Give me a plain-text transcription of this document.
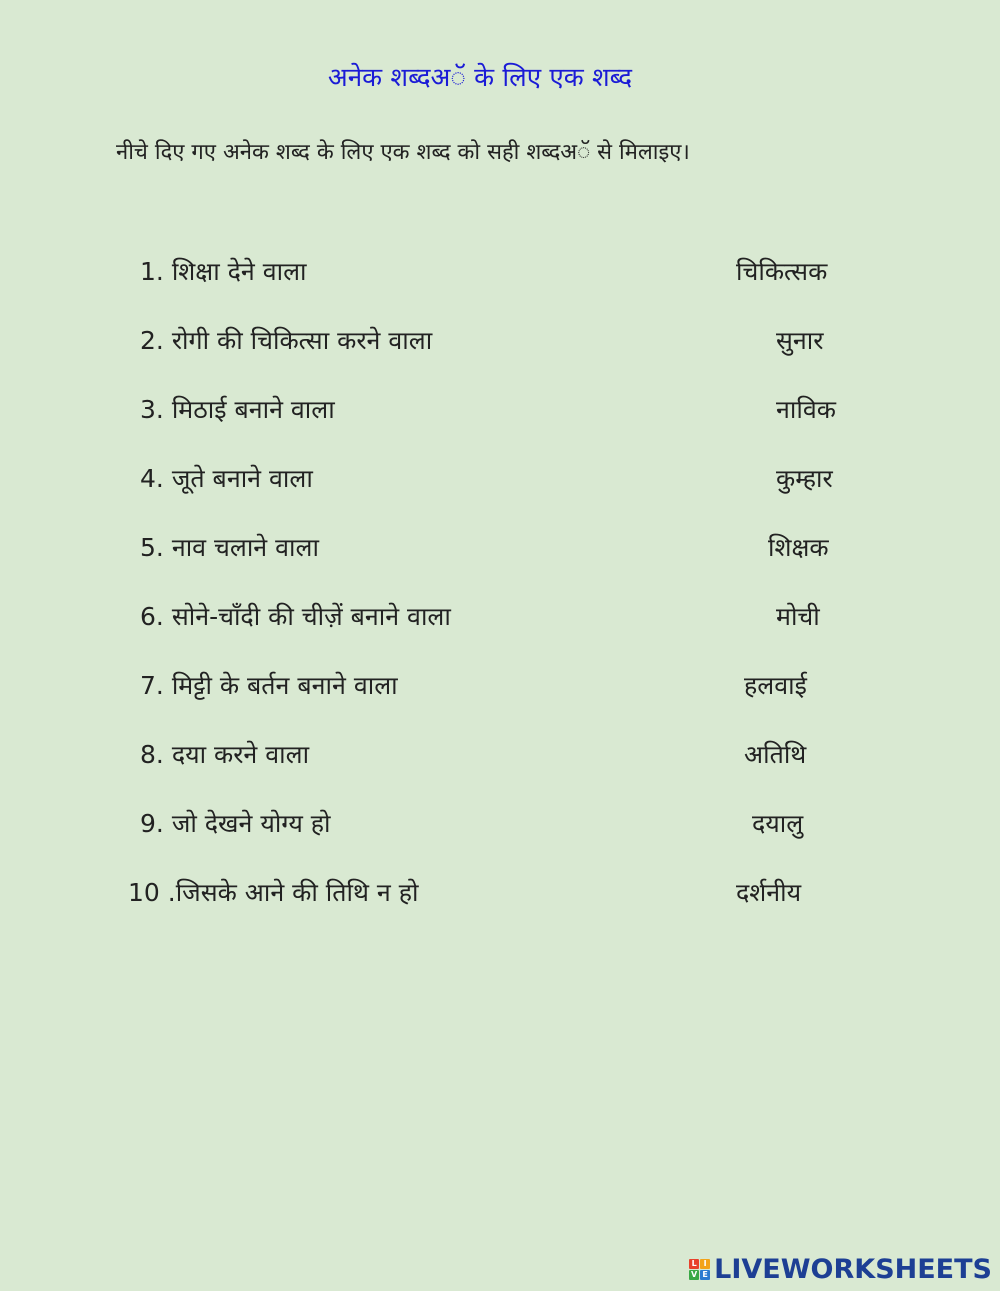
अनेक शब्दअॅ के लिए एक शब्द

नीचे दिए गए अनेक शब्द के लिए एक शब्द को सही शब्दअॅ से मिलाइए।

1. शिक्षा देने वाला
2. रोगी की चिकित्सा करने वाला
3. मिठाई बनाने वाला
4. जूते बनाने वाला
5. नाव चलाने वाला
6. सोने-चाँदी की चीज़ें बनाने वाला
7. मिट्टी के बर्तन बनाने वाला
8. दया करने वाला
9. जो देखने योग्य हो
10 .जिसके आने की तिथि न हो
चिकित्सक
सुनार
नाविक
कुम्हार
शिक्षक
मोची
हलवाई
अतिथि
दयालु
दर्शनीय
L I
V E LIVEWORKSHEETS
